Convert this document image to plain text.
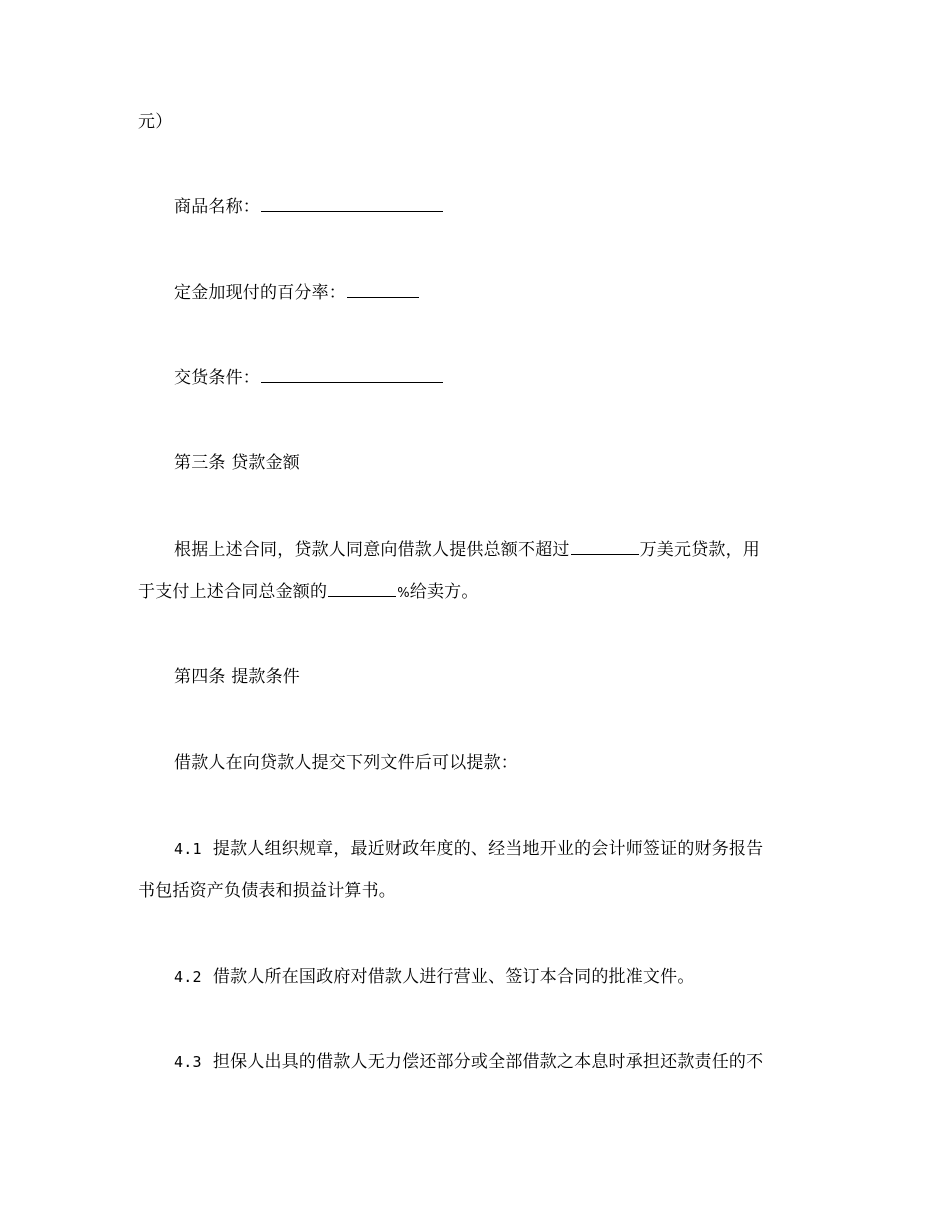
元）
商品名称：
定金加现付的百分率：
交货条件：
第三条 贷款金额
根据上述合同，贷款人同意向借款人提供总额不超过	万美元贷款，用
于支付上述合同总金额的	%给卖方。
第四条 提款条件
借款人在向贷款人提交下列文件后可以提款：
4.1 提款人组织规章，最近财政年度的、经当地开业的会计师签证的财务报告
书包括资产负债表和损益计算书。
4.2 借款人所在国政府对借款人进行营业、签订本合同的批准文件。
4.3 担保人出具的借款人无力偿还部分或全部借款之本息时承担还款责任的不
